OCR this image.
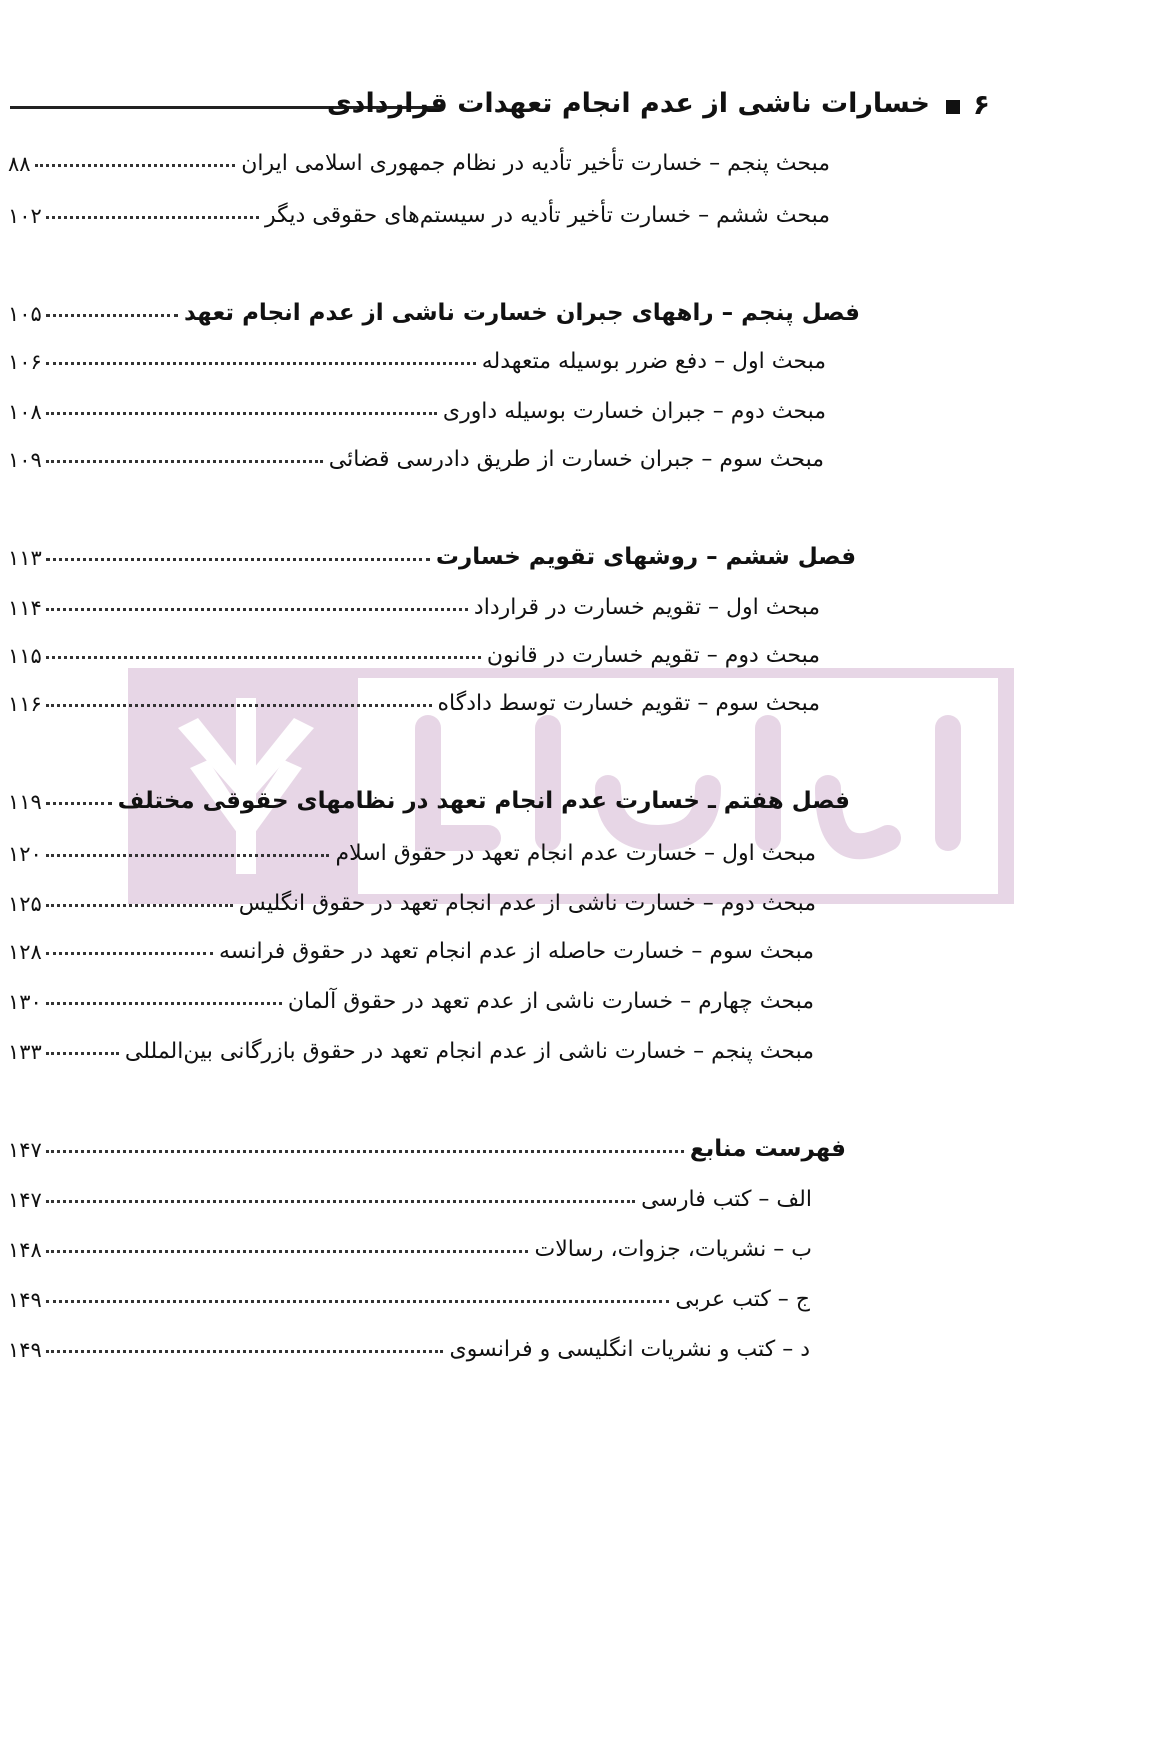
خسارات ناشی از عدم انجام تعهدات قراردادی ۶
مبحث پنجم – خسارت تأخیر تأدیه در نظام جمهوری اسلامی ایران
۸۸
مبحث ششم – خسارت تأخیر تأدیه در سیستم‌های حقوقی دیگر
۱۰۲
فصل پنجم – راههای جبران خسارت ناشی از عدم انجام تعهد
۱۰۵
مبحث اول – دفع ضرر بوسیله متعهدله
۱۰۶
مبحث دوم – جبران خسارت بوسیله داوری
۱۰۸
مبحث سوم – جبران خسارت از طریق دادرسی قضائی
۱۰۹
فصل ششم – روشهای تقویم خسارت
۱۱۳
مبحث اول – تقویم خسارت در قرارداد
۱۱۴
مبحث دوم – تقویم خسارت در قانون
۱۱۵
مبحث سوم – تقویم خسارت توسط دادگاه
۱۱۶
فصل هفتم ـ خسارت عدم انجام تعهد در نظامهای حقوقی مختلف
۱۱۹
مبحث اول – خسارت عدم انجام تعهد در حقوق اسلام
۱۲۰
مبحث دوم – خسارت ناشی از عدم انجام تعهد در حقوق انگلیس
۱۲۵
مبحث سوم – خسارت حاصله از عدم انجام تعهد در حقوق فرانسه
۱۲۸
مبحث چهارم – خسارت ناشی از عدم تعهد در حقوق آلمان
۱۳۰
مبحث پنجم – خسارت ناشی از عدم انجام تعهد در حقوق بازرگانی بین‌المللی
۱۳۳
فهرست منابع
۱۴۷
الف – کتب فارسی
۱۴۷
ب – نشریات، جزوات، رسالات
۱۴۸
ج – کتب عربی
۱۴۹
د – کتب و نشریات انگلیسی و فرانسوی
۱۴۹
